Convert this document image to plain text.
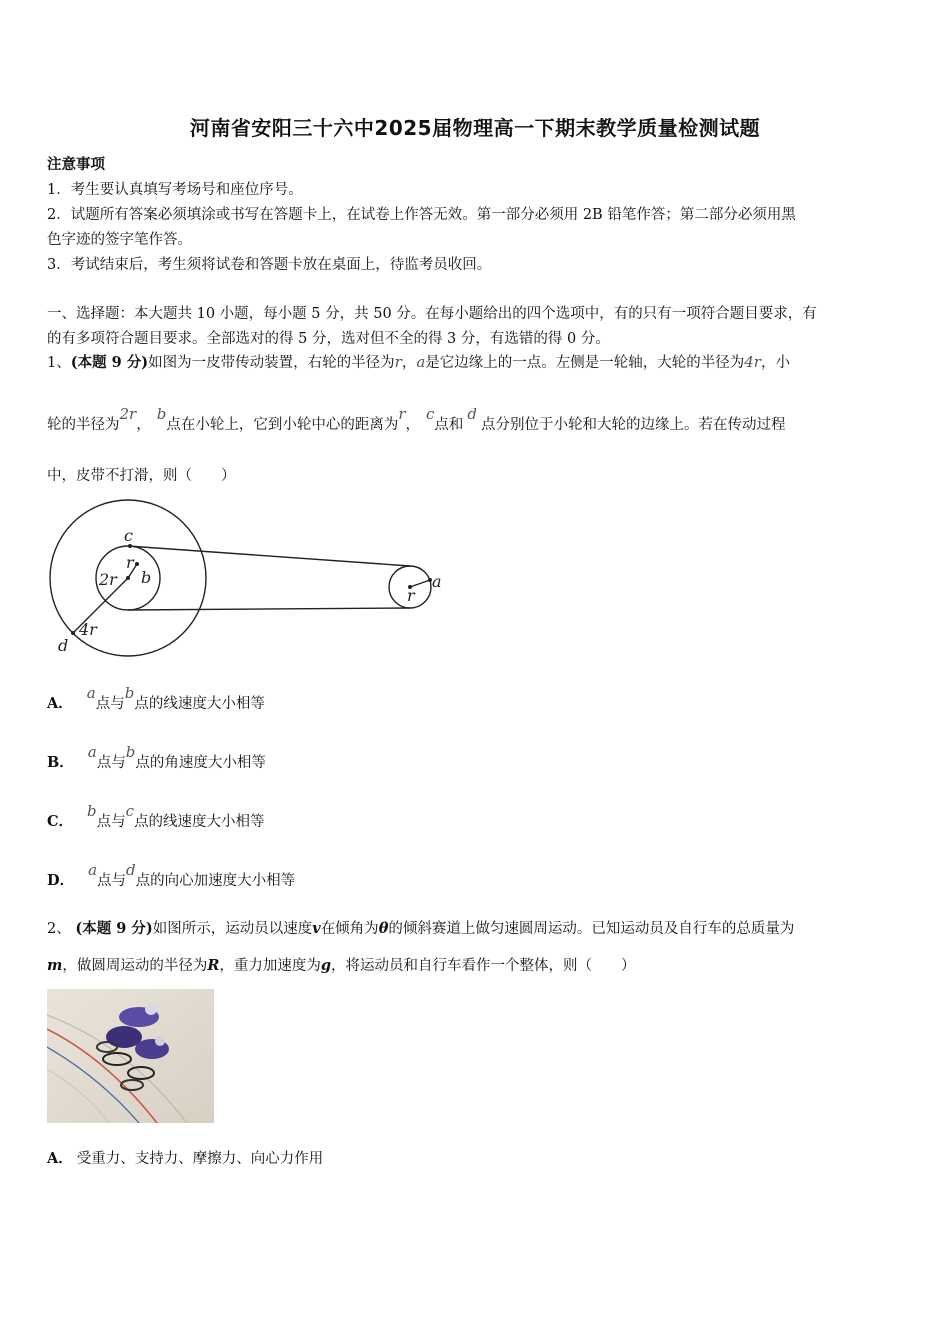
河南省安阳三十六中2025届物理高一下期末教学质量检测试题
注意事项
1．考生要认真填写考场号和座位序号。
2．试题所有答案必须填涂或书写在答题卡上，在试卷上作答无效。第一部分必须用 2B 铅笔作答；第二部分必须用黑
色字迹的签字笔作答。
3．考试结束后，考生须将试卷和答题卡放在桌面上，待监考员收回。
一、选择题：本大题共 10 小题，每小题 5 分，共 50 分。在每小题给出的四个选项中，有的只有一项符合题目要求，有
的有多项符合题目要求。全部选对的得 5 分，选对但不全的得 3 分，有选错的得 0 分。
1、(本题 9 分)如图为一皮带传动装置，右轮的半径为r，a是它边缘上的一点。左侧是一轮轴，大轮的半径为4r，小
轮的半径为2r，b点在小轮上，它到小轮中心的距离为r，c点和d点分别位于小轮和大轮的边缘上。若在传动过程
中，皮带不打滑，则（　　）
c
r
2r b
4r
d
a
r
A．a点与b点的线速度大小相等
B．a点与b点的角速度大小相等
C．b点与c点的线速度大小相等
D．a点与d点的向心加速度大小相等
2、 (本题 9 分)如图所示，运动员以速度v在倾角为θ的倾斜赛道上做匀速圆周运动。已知运动员及自行车的总质量为
m，做圆周运动的半径为R，重力加速度为g，将运动员和自行车看作一个整体，则（　　）
A． 受重力、支持力、摩擦力、向心力作用
